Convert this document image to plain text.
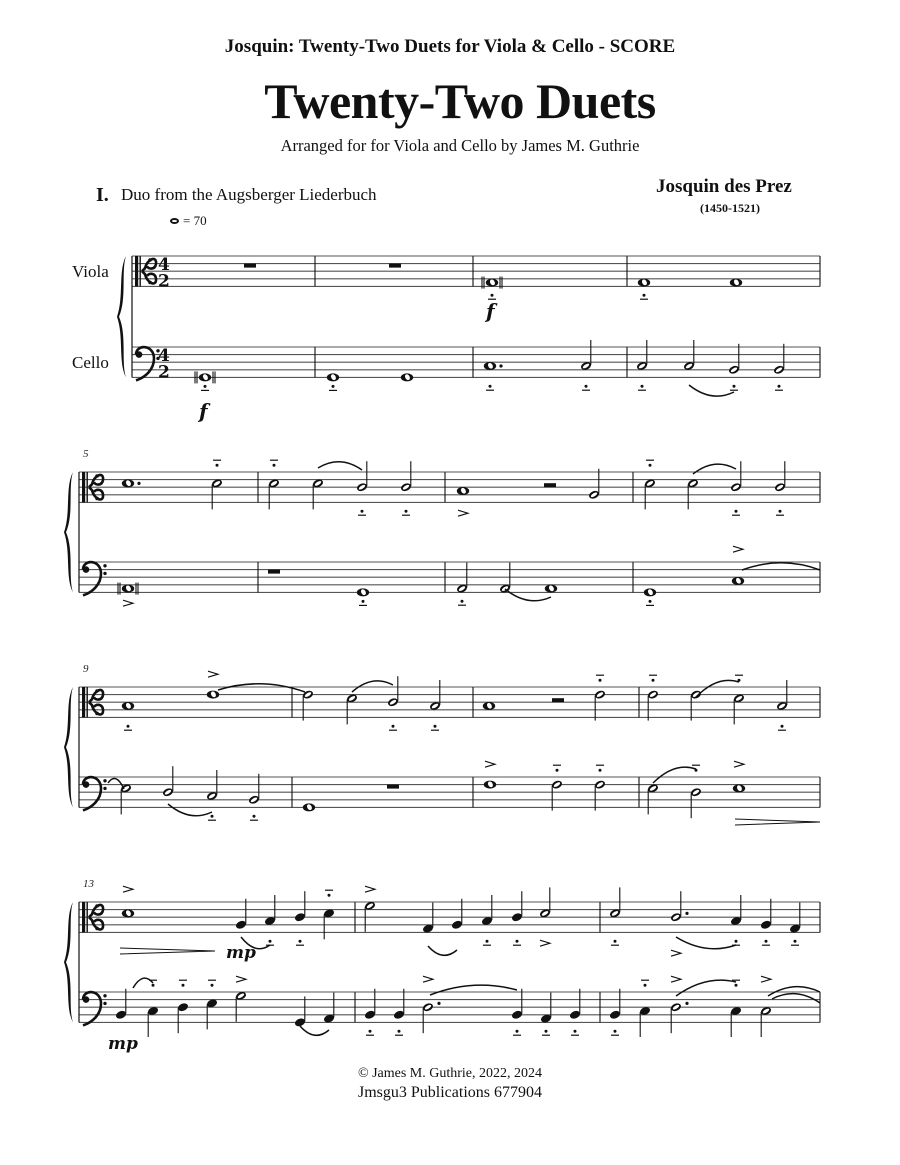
Josquin: Twenty-Two Duets for Viola & Cello - SCORE
Twenty-Two Duets
Arranged for for Viola and Cello by James M. Guthrie
I. Duo from the Augsberger Liederbuch	Josquin des Prez
(1450-1521)
= 70
Viola
Cello
4
2
f
4
2
f
5
9
13
mp
mp
© James M. Guthrie, 2022, 2024
Jmsgu3 Publications 677904
